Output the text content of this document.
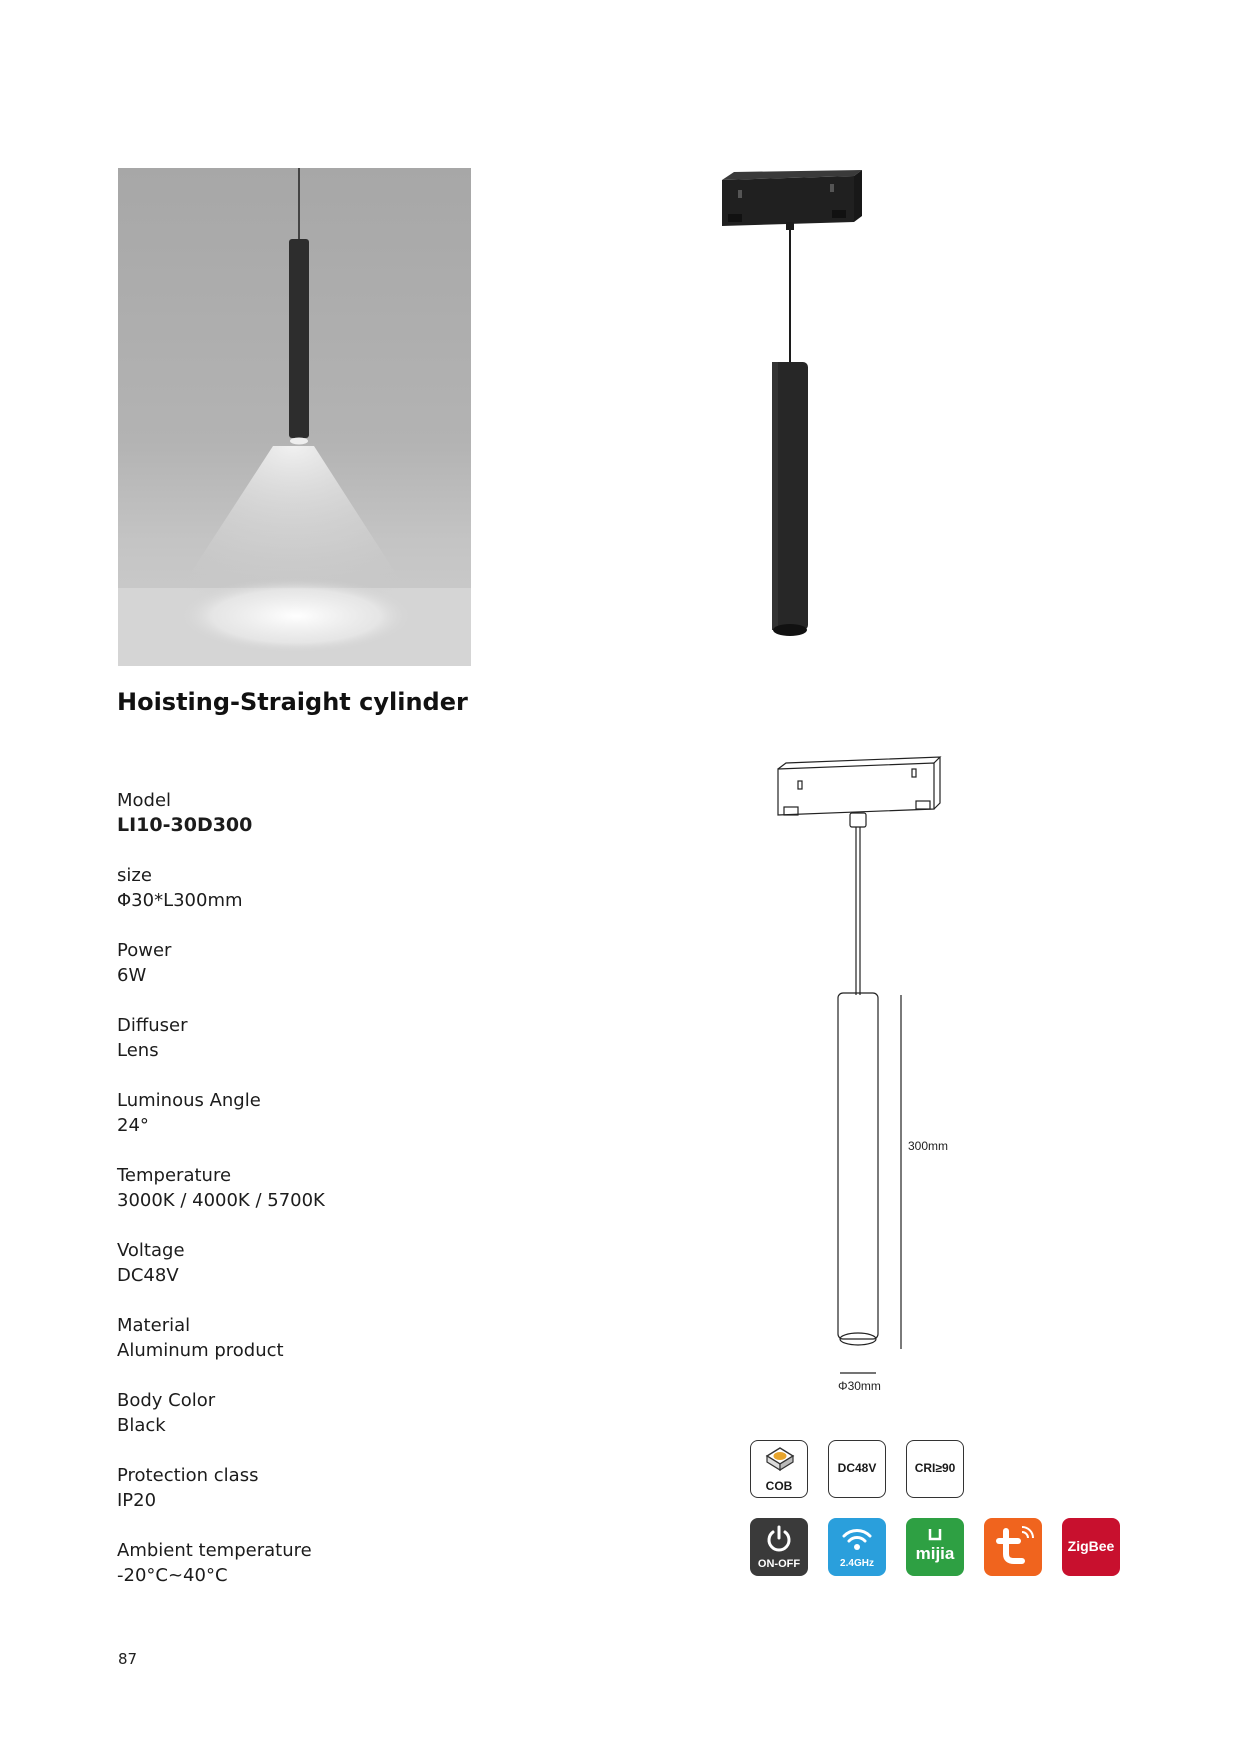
Hoisting-Straight cylinder
Model
LI10-30D300
size
Φ30*L300mm
Power
6W
Diffuser
Lens
Luminous Angle
24°
Temperature
3000K / 4000K / 5700K
Voltage
DC48V
Material
Aluminum product
Body Color
Black
Protection class
IP20
Ambient temperature
-20°C~40°C
300mm
Φ30mm
COB
DC48V	CRI≥90
ON-OFF	2.4GHz
mijia	ZigBee
87
